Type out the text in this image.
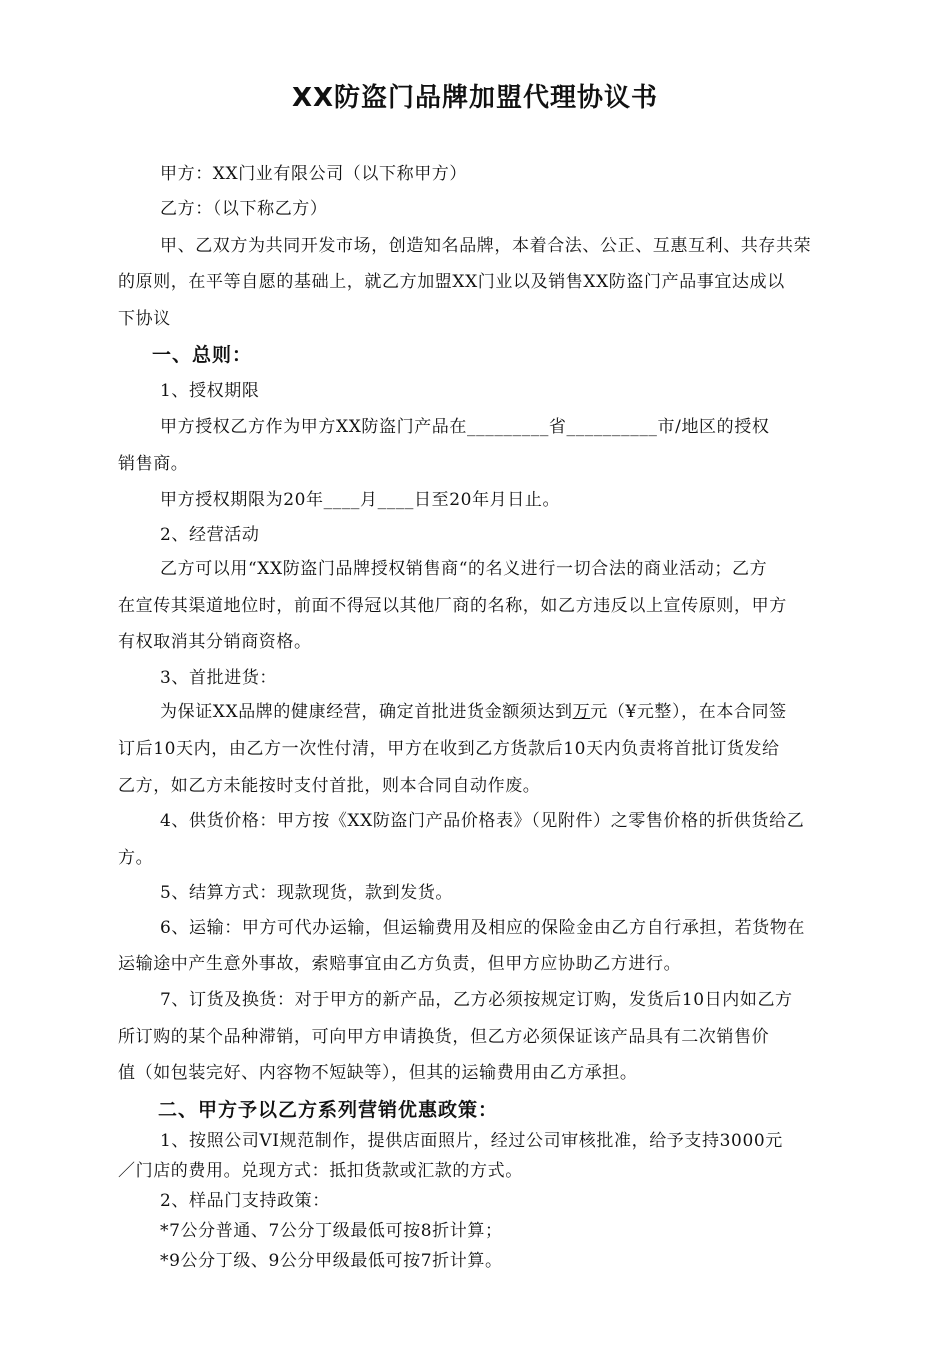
XX防盗门品牌加盟代理协议书
甲方：XX门业有限公司（以下称甲方）
乙方：（以下称乙方）
甲、乙双方为共同开发市场，创造知名品牌，本着合法、公正、互惠互利、共存共荣
的原则，在平等自愿的基础上，就乙方加盟XX门业以及销售XX防盗门产品事宜达成以
下协议
一、总则：
1、授权期限
甲方授权乙方作为甲方XX防盗门产品在_________省__________市/地区的授权
销售商。
甲方授权期限为20年____月____日至20年月日止。
2、经营活动
乙方可以用“XX防盗门品牌授权销售商“的名义进行一切合法的商业活动；乙方
在宣传其渠道地位时，前面不得冠以其他厂商的名称，如乙方违反以上宣传原则，甲方
有权取消其分销商资格。
3、首批进货：
为保证XX品牌的健康经营，确定首批进货金额须达到万元（¥元整），在本合同签
订后10天内，由乙方一次性付清，甲方在收到乙方货款后10天内负责将首批订货发给
乙方，如乙方未能按时支付首批，则本合同自动作废。
4、供货价格：甲方按《XX防盗门产品价格表》（见附件）之零售价格的折供货给乙
方。
5、结算方式：现款现货，款到发货。
6、运输：甲方可代办运输，但运输费用及相应的保险金由乙方自行承担，若货物在
运输途中产生意外事故，索赔事宜由乙方负责，但甲方应协助乙方进行。
7、订货及换货：对于甲方的新产品，乙方必须按规定订购，发货后10日内如乙方
所订购的某个品种滞销，可向甲方申请换货，但乙方必须保证该产品具有二次销售价
值（如包装完好、内容物不短缺等），但其的运输费用由乙方承担。
二、甲方予以乙方系列营销优惠政策：
1、按照公司VI规范制作，提供店面照片，经过公司审核批准，给予支持3000元
／门店的费用。兑现方式：抵扣货款或汇款的方式。
2、样品门支持政策：
*7公分普通、7公分丁级最低可按8折计算；
*9公分丁级、9公分甲级最低可按7折计算。
